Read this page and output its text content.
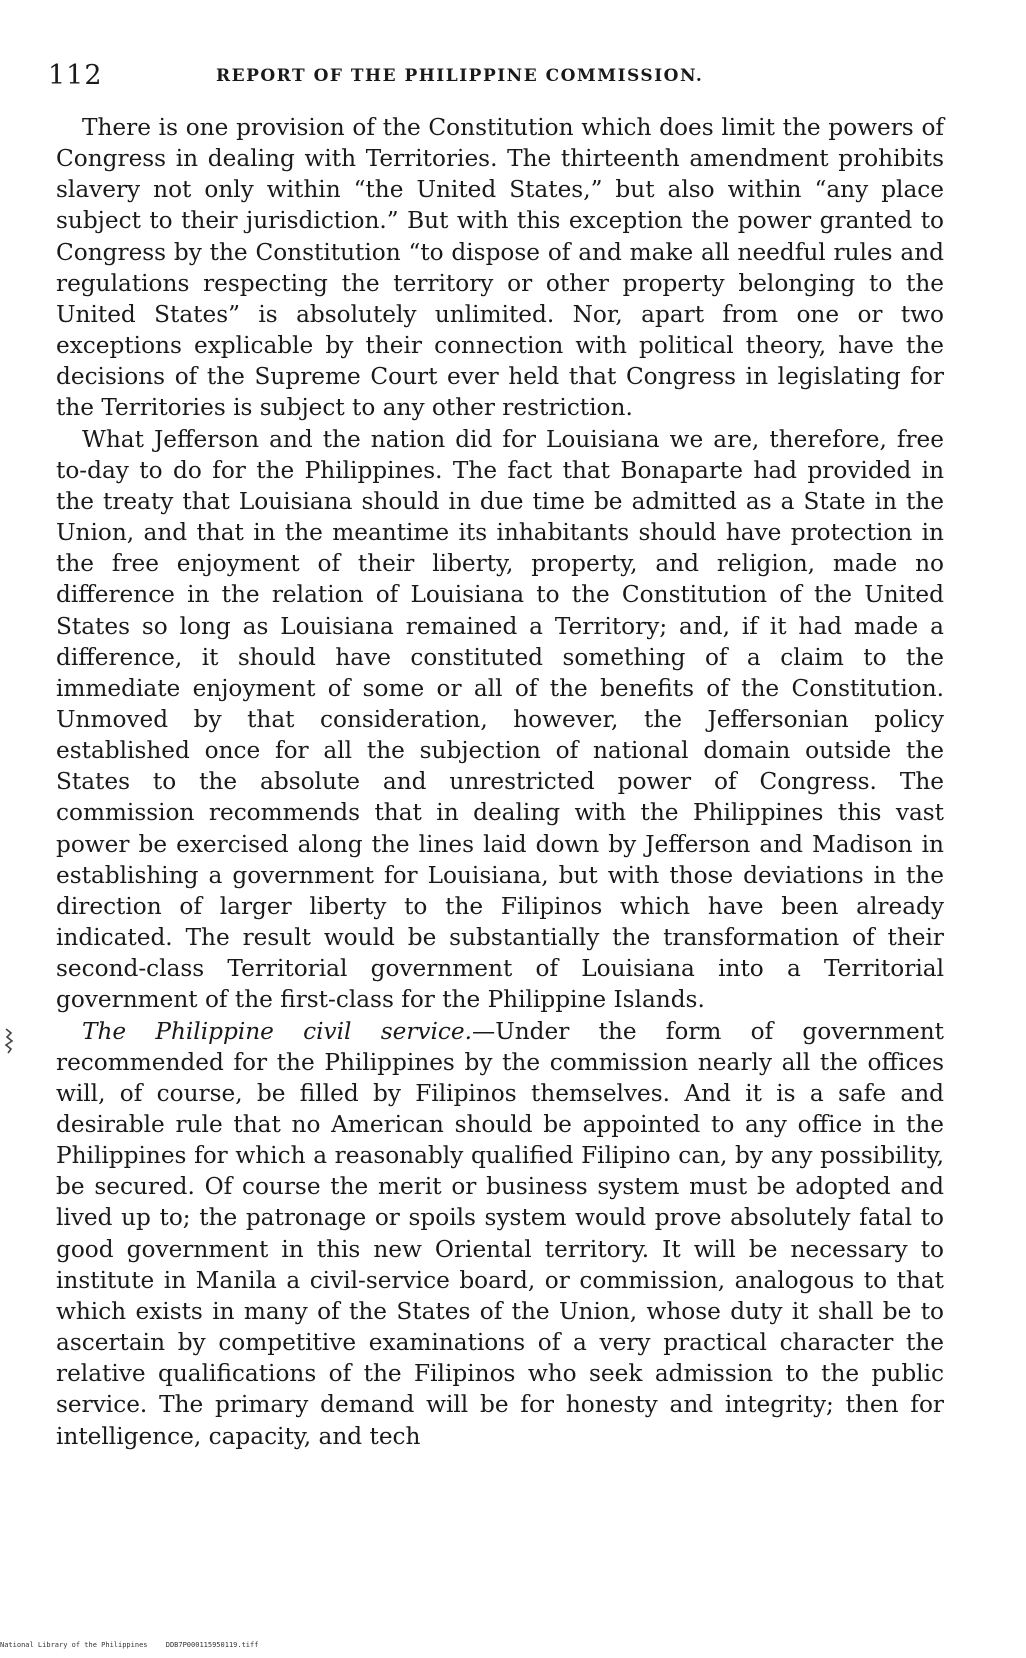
112	REPORT OF THE PHILIPPINE COMMISSION.

There is one provision of the Constitution which does limit the powers of Congress in dealing with Territories. The thirteenth amendment prohibits slavery not only within “the United States,” but also within “any place subject to their jurisdiction.” But with this exception the power granted to Congress by the Constitution “to dispose of and make all needful rules and regulations respecting the territory or other property belonging to the United States” is absolutely unlimited. Nor, apart from one or two exceptions explicable by their connection with political theory, have the decisions of the Supreme Court ever held that Congress in legislating for the Territories is subject to any other restriction.

What Jefferson and the nation did for Louisiana we are, therefore, free to-day to do for the Philippines. The fact that Bonaparte had provided in the treaty that Louisiana should in due time be admitted as a State in the Union, and that in the meantime its inhabitants should have protection in the free enjoyment of their liberty, property, and religion, made no difference in the relation of Louisiana to the Constitution of the United States so long as Louisiana remained a Territory; and, if it had made a difference, it should have constituted something of a claim to the immediate enjoyment of some or all of the benefits of the Constitution. Unmoved by that consideration, however, the Jeffersonian policy established once for all the subjection of national domain outside the States to the absolute and unrestricted power of Congress. The commission recommends that in dealing with the Philippines this vast power be exercised along the lines laid down by Jefferson and Madison in establishing a government for Louisiana, but with those deviations in the direction of larger liberty to the Filipinos which have been already indicated. The result would be substantially the transformation of their second-class Territorial government of Louisiana into a Territorial government of the first-class for the Philippine Islands.

The Philippine civil service.—Under the form of government recommended for the Philippines by the commission nearly all the offices will, of course, be filled by Filipinos themselves. And it is a safe and desirable rule that no American should be appointed to any office in the Philippines for which a reasonably qualified Filipino can, by any possibility, be secured. Of course the merit or business system must be adopted and lived up to; the patronage or spoils system would prove absolutely fatal to good government in this new Oriental territory. It will be necessary to institute in Manila a civil-service board, or commission, analogous to that which exists in many of the States of the Union, whose duty it shall be to ascertain by competitive examinations of a very practical character the relative qualifications of the Filipinos who seek admission to the public service. The primary demand will be for honesty and integrity; then for intelligence, capacity, and tech

National Library of the Philippines	DDB7P000115950119.tiff
